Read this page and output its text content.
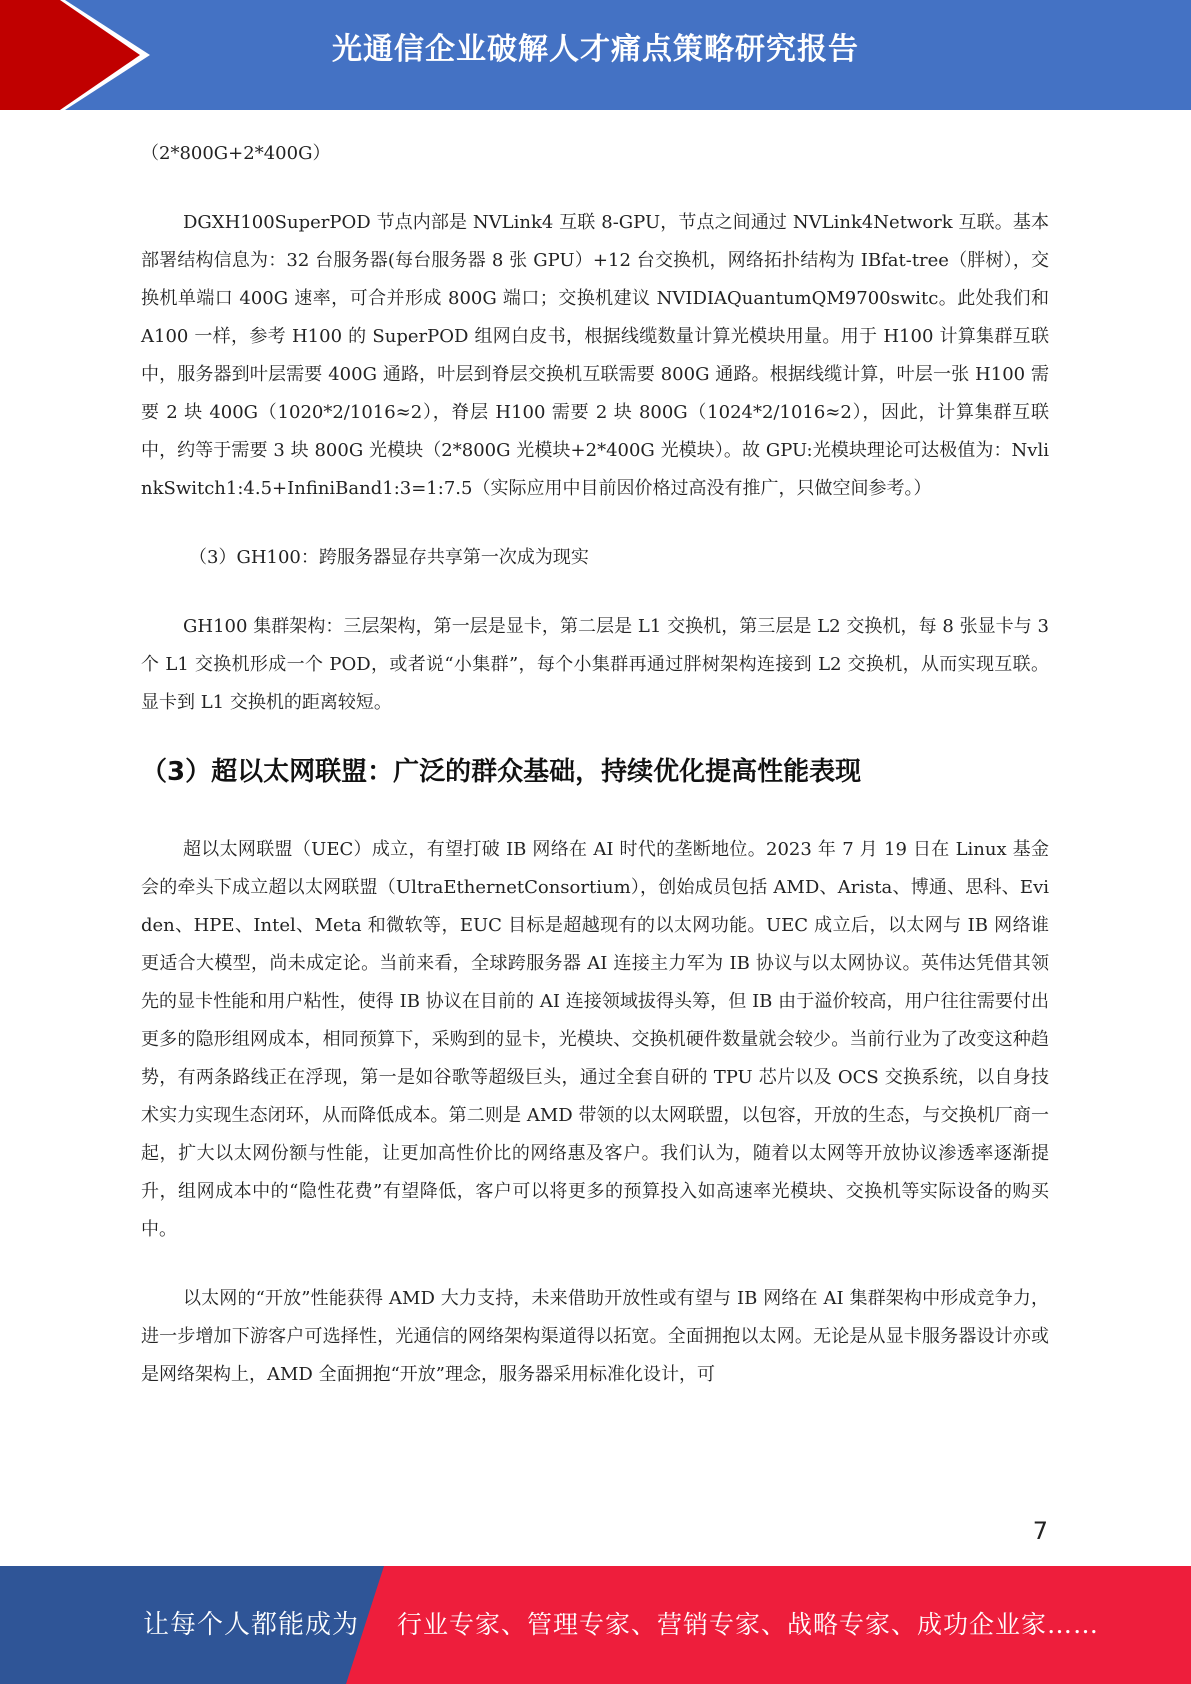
光通信企业破解人才痛点策略研究报告

（2*800G+2*400G）

DGXH100SuperPOD 节点内部是 NVLink4 互联 8-GPU，节点之间通过 NVLink4Network 互联。基本部署结构信息为：32 台服务器(每台服务器 8 张 GPU）+12 台交换机，网络拓扑结构为 IBfat-tree（胖树），交换机单端口 400G 速率，可合并形成 800G 端口；交换机建议 NVIDIAQuantumQM9700switc。此处我们和 A100 一样，参考 H100 的 SuperPOD 组网白皮书，根据线缆数量计算光模块用量。用于 H100 计算集群互联中，服务器到叶层需要 400G 通路，叶层到脊层交换机互联需要 800G 通路。根据线缆计算，叶层一张 H100 需要 2 块 400G（1020*2/1016≈2），脊层 H100 需要 2 块 800G（1024*2/1016≈2），因此，计算集群互联中，约等于需要 3 块 800G 光模块（2*800G 光模块+2*400G 光模块）。故 GPU:光模块理论可达极值为：NvlinkSwitch1:4.5+InfiniBand1:3=1:7.5（实际应用中目前因价格过高没有推广，只做空间参考。）

（3）GH100：跨服务器显存共享第一次成为现实

GH100 集群架构：三层架构，第一层是显卡，第二层是 L1 交换机，第三层是 L2 交换机，每 8 张显卡与 3 个 L1 交换机形成一个 POD，或者说“小集群”，每个小集群再通过胖树架构连接到 L2 交换机，从而实现互联。显卡到 L1 交换机的距离较短。

（3）超以太网联盟：广泛的群众基础，持续优化提高性能表现

超以太网联盟（UEC）成立，有望打破 IB 网络在 AI 时代的垄断地位。2023 年 7 月 19 日在 Linux 基金会的牵头下成立超以太网联盟（UltraEthernetConsortium），创始成员包括 AMD、Arista、博通、思科、Eviden、HPE、Intel、Meta 和微软等，EUC 目标是超越现有的以太网功能。UEC 成立后，以太网与 IB 网络谁更适合大模型，尚未成定论。当前来看，全球跨服务器 AI 连接主力军为 IB 协议与以太网协议。英伟达凭借其领先的显卡性能和用户粘性，使得 IB 协议在目前的 AI 连接领域拔得头筹，但 IB 由于溢价较高，用户往往需要付出更多的隐形组网成本，相同预算下，采购到的显卡，光模块、交换机硬件数量就会较少。当前行业为了改变这种趋势，有两条路线正在浮现，第一是如谷歌等超级巨头，通过全套自研的 TPU 芯片以及 OCS 交换系统，以自身技术实力实现生态闭环，从而降低成本。第二则是 AMD 带领的以太网联盟，以包容，开放的生态，与交换机厂商一起，扩大以太网份额与性能，让更加高性价比的网络惠及客户。我们认为，随着以太网等开放协议渗透率逐渐提升，组网成本中的“隐性花费”有望降低，客户可以将更多的预算投入如高速率光模块、交换机等实际设备的购买中。

以太网的“开放”性能获得 AMD 大力支持，未来借助开放性或有望与 IB 网络在 AI 集群架构中形成竞争力，进一步增加下游客户可选择性，光通信的网络架构渠道得以拓宽。全面拥抱以太网。无论是从显卡服务器设计亦或是网络架构上，AMD 全面拥抱“开放”理念，服务器采用标准化设计，可

7
让每个人都能成为 行业专家、管理专家、营销专家、战略专家、成功企业家……
